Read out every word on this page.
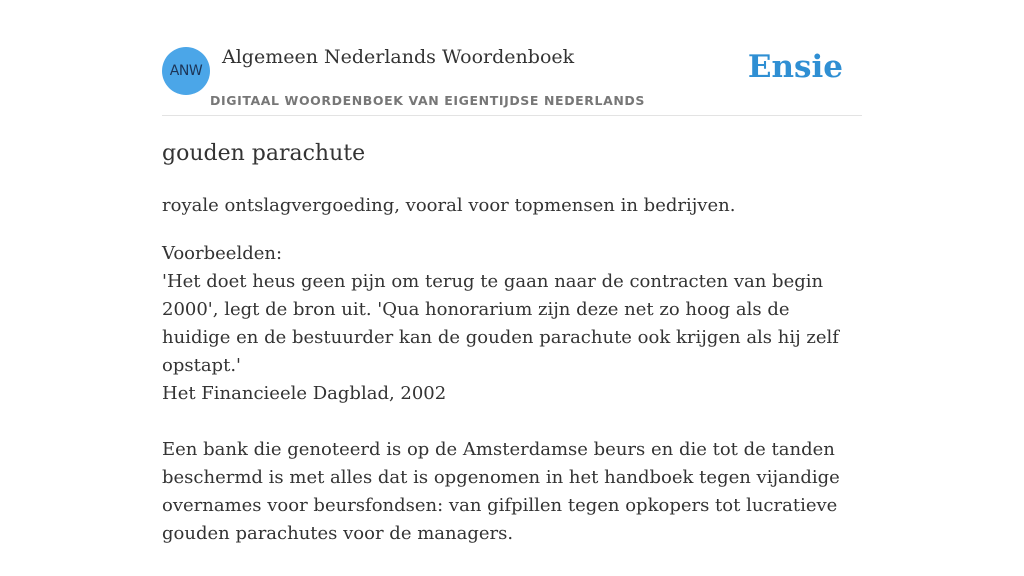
ANW
Algemeen Nederlands Woordenboek
DIGITAAL WOORDENBOEK VAN EIGENTIJDSE NEDERLANDS
Ensie
gouden parachute
royale ontslagvergoeding, vooral voor topmensen in bedrijven.
Voorbeelden:
'Het doet heus geen pijn om terug te gaan naar de contracten van begin 2000', legt de bron uit. 'Qua honorarium zijn deze net zo hoog als de huidige en de bestuurder kan de gouden parachute ook krijgen als hij zelf opstapt.'
Het Financieele Dagblad, 2002
Een bank die genoteerd is op de Amsterdamse beurs en die tot de tanden beschermd is met alles dat is opgenomen in het handboek tegen vijandige overnames voor beursfondsen: van gifpillen tegen opkopers tot lucratieve gouden parachutes voor de managers.
